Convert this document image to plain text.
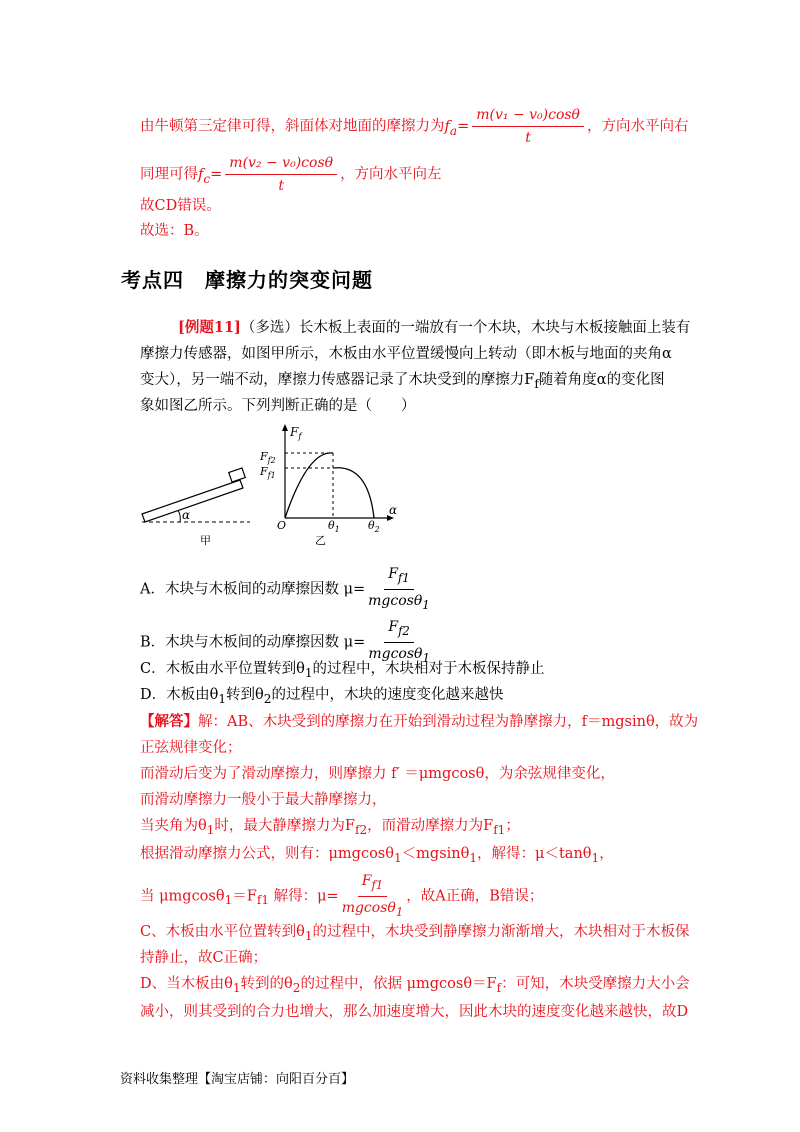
由牛顿第三定律可得，斜面体对地面的摩擦力为$f_a= \frac{\text{m(v₁ − v₀)cosθ}}{t}$ ，方向水平向右
同理可得$f_c= \frac{\text{m(v₂ − v₀)cosθ}}{t}$ ，方向水平向左
故CD错误。
故选：B。
考点四　摩擦力的突变问题
[例题11]（多选）长木板上表面的一端放有一个木块，木块与木板接触面上装有
摩擦力传感器，如图甲所示，木板由水平位置缓慢向上转动（即木板与地面的夹角α
变大），另一端不动，摩擦力传感器记录了木块受到的摩擦力$F_f$随着角度α的变化图
象如图乙所示。下列判断正确的是（　　）
α
甲
$F_f$
$F_{f2}$
$F_{f1}$
O	$\theta_1$	$\theta_2$
α
乙
A．木块与木板间的动摩擦因数 $\mu= \frac{F_{f1}}{mgcos\theta_1}$
B．木块与木板间的动摩擦因数 $\mu= \frac{F_{f2}}{mgcos\theta_1}$
C．木板由水平位置转到$\theta_1$的过程中，木块相对于木板保持静止
D．木板由$\theta_1$转到$\theta_2$的过程中，木块的速度变化越来越快
【解答】解：AB、木块受到的摩擦力在开始到滑动过程为静摩擦力，f＝mgsinθ，故为
正弦规律变化；
而滑动后变为了滑动摩擦力，则摩擦力 f′ ＝μmgcosθ，为余弦规律变化，
而滑动摩擦力一般小于最大静摩擦力，
当夹角为$\theta_1$时，最大静摩擦力为$F_{f2}$，而滑动摩擦力为$F_{f1}$；
根据滑动摩擦力公式，则有：μmgcosθ$_1$＜mgsinθ$_1$，解得：μ＜tanθ$_1$，
当 $\mu mgcos\theta_1=F_{f1}$ 解得：$\mu= \frac{F_{f1}}{mgcos\theta_1}$ ，故A正确，B错误；
C、木板由水平位置转到$\theta_1$的过程中，木块受到静摩擦力渐渐增大，木块相对于木板保
持静止，故C正确；
D、当木板由$\theta_1$转到的$\theta_2$的过程中，依据 $\mu mgcos\theta=F_f$：可知，木块受摩擦力大小会
减小，则其受到的合力也增大，那么加速度增大，因此木块的速度变化越来越快，故D
资料收集整理【淘宝店铺：向阳百分百】
